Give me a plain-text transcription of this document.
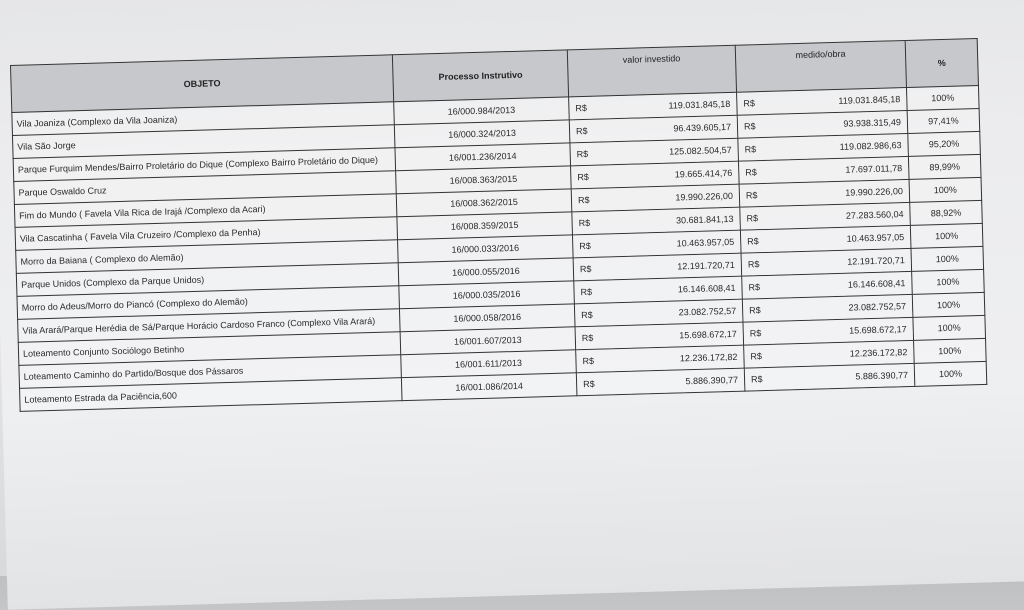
OBJETO	Processo Instrutivo	valor investido	medido/obra	%
Vila Joaniza (Complexo da Vila Joaniza)	16/000.984/2013	R$ 119.031.845,18	R$ 119.031.845,18	100%
Vila São Jorge	16/000.324/2013	R$ 96.439.605,17	R$ 93.938.315,49	97,41%
Parque Furquim Mendes/Bairro Proletário do Dique (Complexo Bairro Proletário do Dique)	16/001.236/2014	R$ 125.082.504,57	R$ 119.082.986,63	95,20%
Parque Oswaldo Cruz	16/008.363/2015	R$ 19.665.414,76	R$ 17.697.011,78	89,99%
Fim do Mundo ( Favela Vila Rica de Irajá /Complexo da Acari)	16/008.362/2015	R$ 19.990.226,00	R$ 19.990.226,00	100%
Vila Cascatinha ( Favela Vila Cruzeiro /Complexo da Penha)	16/008.359/2015	R$ 30.681.841,13	R$ 27.283.560,04	88,92%
Morro da Baiana ( Complexo do Alemão)	16/000.033/2016	R$ 10.463.957,05	R$ 10.463.957,05	100%
Parque Unidos (Complexo da Parque Unidos)	16/000.055/2016	R$ 12.191.720,71	R$ 12.191.720,71	100%
Morro do Adeus/Morro do Piancó (Complexo do Alemão)	16/000.035/2016	R$ 16.146.608,41	R$ 16.146.608,41	100%
Vila Arará/Parque Herédia de Sá/Parque Horácio Cardoso Franco (Complexo Vila Arará)	16/000.058/2016	R$ 23.082.752,57	R$ 23.082.752,57	100%
Loteamento Conjunto Sociólogo Betinho	16/001.607/2013	R$ 15.698.672,17	R$ 15.698.672,17	100%
Loteamento Caminho do Partido/Bosque dos Pássaros	16/001.611/2013	R$ 12.236.172,82	R$ 12.236.172,82	100%
Loteamento Estrada da Paciência,600	16/001.086/2014	R$ 5.886.390,77	R$ 5.886.390,77	100%
